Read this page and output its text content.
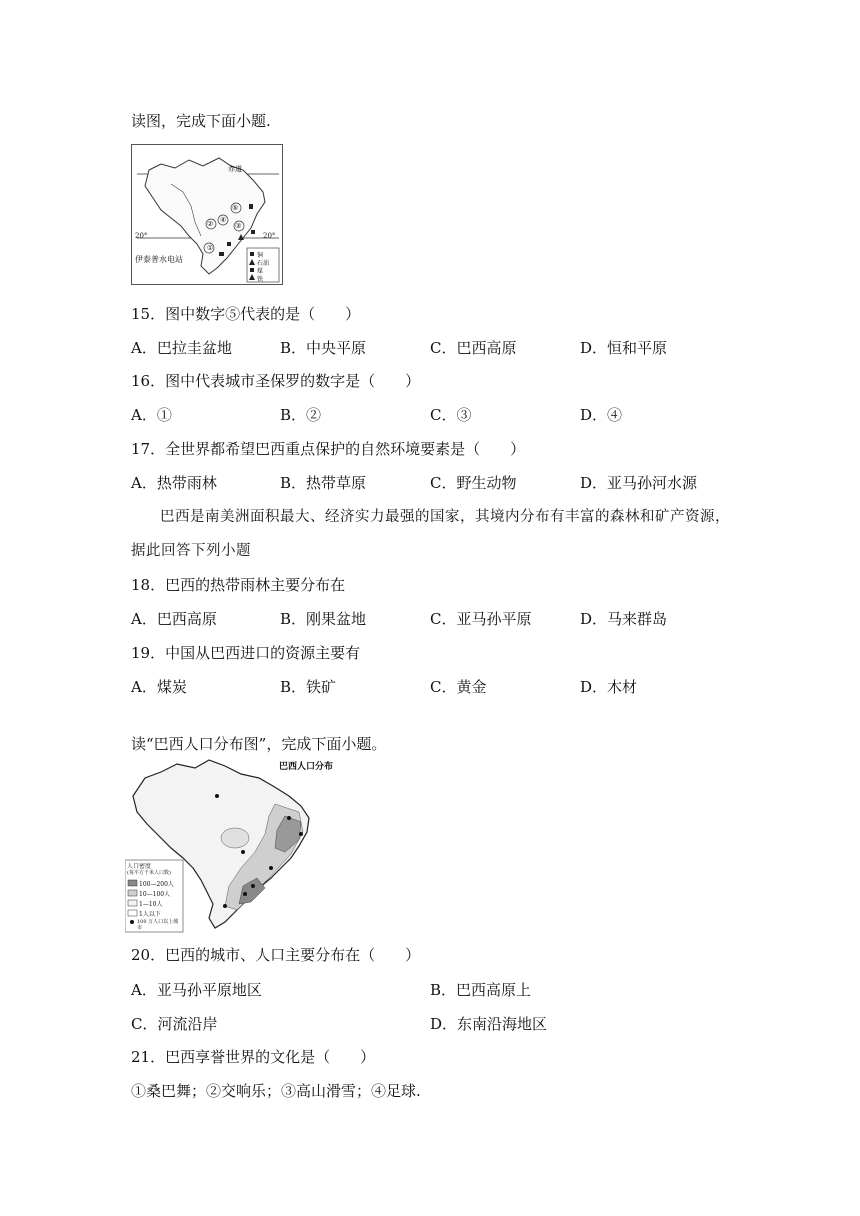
读图，完成下面小题.
赤道
20°	20°
伊泰普水电站
①
②	③
④
⑤
铜
石油
煤
铁
15．图中数字⑤代表的是（　　）
A．巴拉圭盆地	B．中央平原	C．巴西高原	D．恒和平原
16．图中代表城市圣保罗的数字是（　　）
A．①	B．②	C．③	D．④
17．全世界都希望巴西重点保护的自然环境要素是（　　）
A．热带雨林	B．热带草原	C．野生动物	D．亚马孙河水源
巴西是南美洲面积最大、经济实力最强的国家，其境内分布有丰富的森林和矿产资源，
据此回答下列小题
18．巴西的热带雨林主要分布在
A．巴西高原	B．刚果盆地	C．亚马孙平原	D．马来群岛
19．中国从巴西进口的资源主要有
A．煤炭	B．铁矿	C．黄金	D．木材
读“巴西人口分布图”，完成下面小题。
巴西人口分布
人口密度
(每平方千米人口数)
100—200人
10—100人
1—10人
1人以下
100 万人口以上城市
20．巴西的城市、人口主要分布在（　　）
A．亚马孙平原地区	B．巴西高原上
C．河流沿岸	D．东南沿海地区
21．巴西享誉世界的文化是（　　）
①桑巴舞；②交响乐；③高山滑雪；④足球.
